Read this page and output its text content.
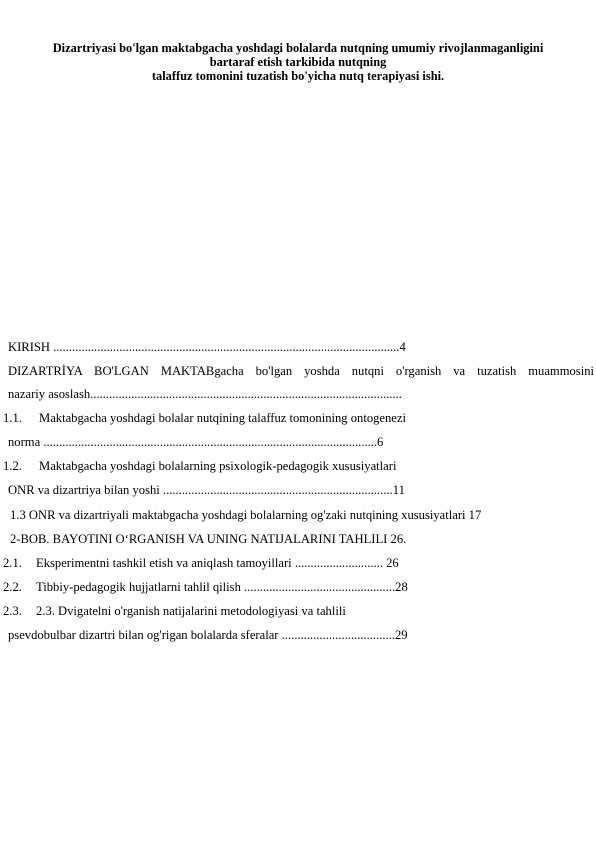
Dizartriyasi bo'lgan maktabgacha yoshdagi bolalarda nutqning umumiy rivojlanmaganligini
bartaraf etish tarkibida nutqning
talaffuz tomonini tuzatish bo'yicha nutq terapiyasi ishi.
KIRISH ..............................................................................................................4
DIZARTRİYA BO'LGAN MAKTABgacha bo'lgan yoshda nutqni o'rganish va tuzatish muammosini
nazariy asoslash...................................................................................................
1.1. Maktabgacha yoshdagi bolalar nutqining talaffuz tomonining ontogenezi
norma ..........................................................................................................6
1.2. Maktabgacha yoshdagi bolalarning psixologik-pedagogik xususiyatlari
ONR va dizartriya bilan yoshi .........................................................................11
1.3 ONR va dizartriyali maktabgacha yoshdagi bolalarning og'zaki nutqining xususiyatlari 17
2-BOB. BAYOTINI O‘RGANISH VA UNING NATIJALARINI TAHLILI 26.
2.1. Eksperimentni tashkil etish va aniqlash tamoyillari ............................ 26
2.2. Tibbiy-pedagogik hujjatlarni tahlil qilish ................................................28
2.3. 2.3. Dvigatelni o'rganish natijalarini metodologiyasi va tahlili
psevdobulbar dizartri bilan og'rigan bolalarda sferalar ....................................29
